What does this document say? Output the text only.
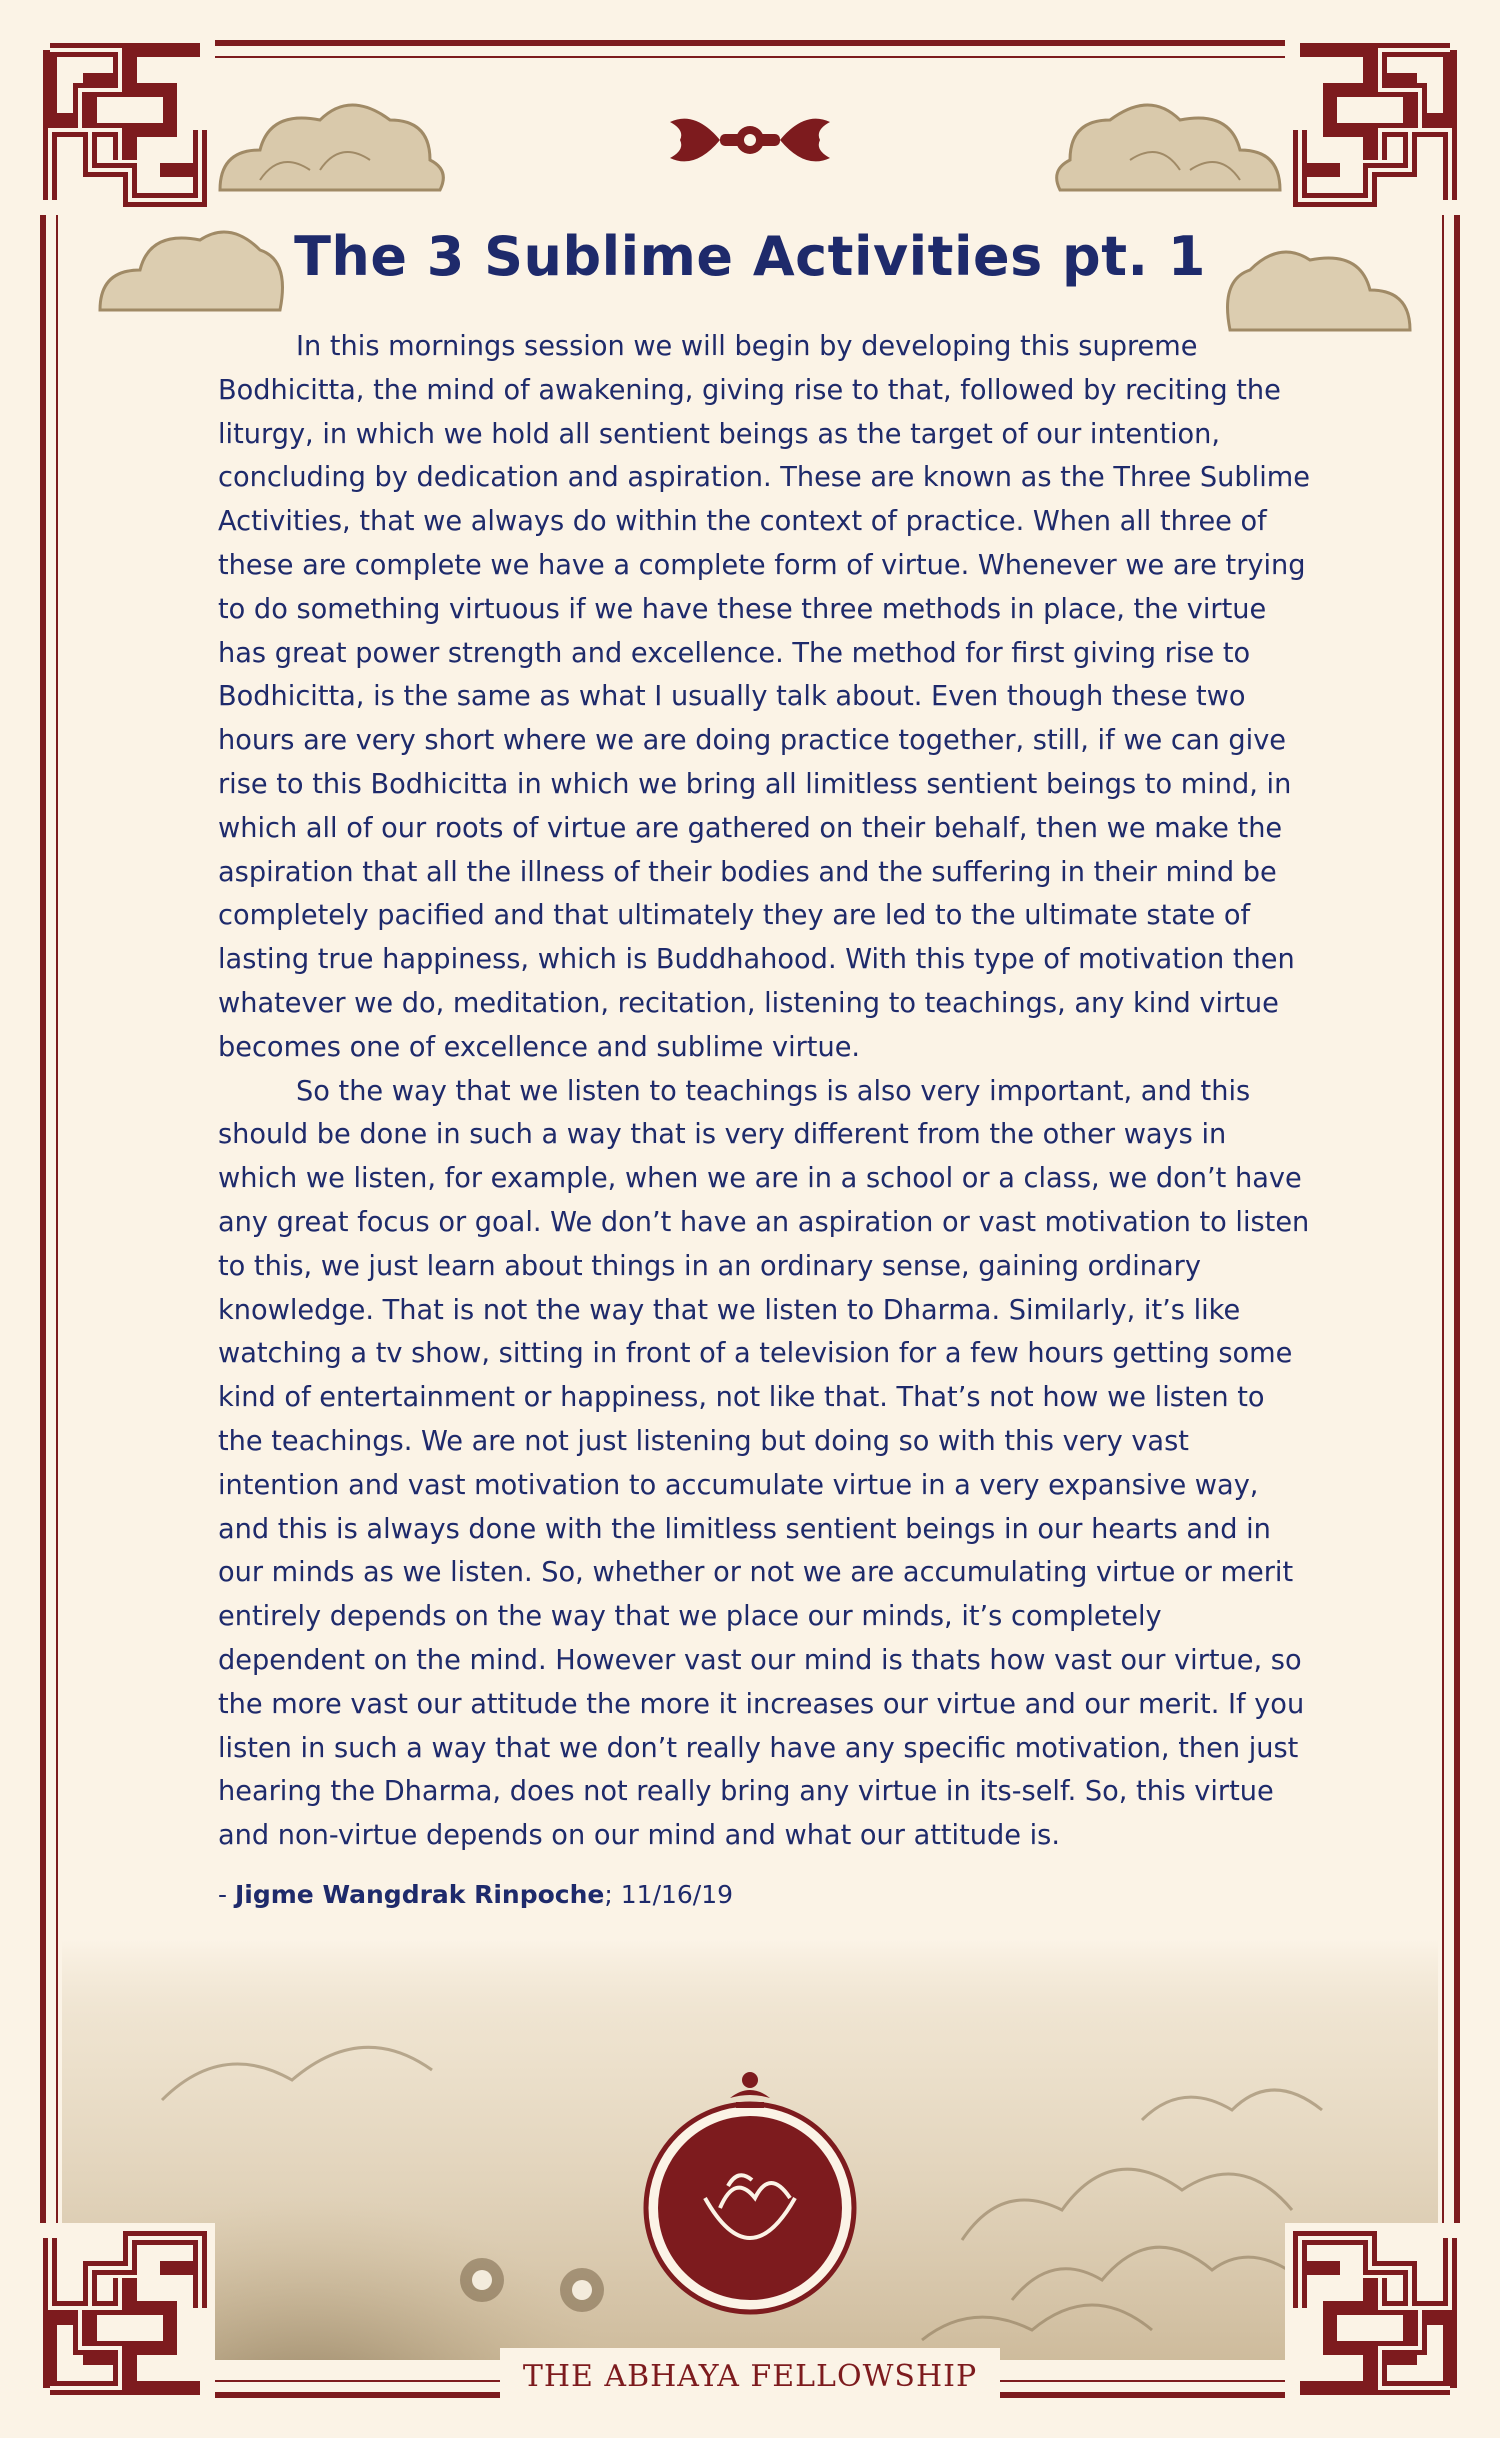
The 3 Sublime Activities pt. 1

In this mornings session we will begin by developing this supreme Bodhicitta, the mind of awakening, giving rise to that, followed by reciting the liturgy, in which we hold all sentient beings as the target of our intention, concluding by dedication and aspiration. These are known as the Three Sublime Activities, that we always do within the context of practice. When all three of these are complete we have a complete form of virtue. Whenever we are trying to do something virtuous if we have these three methods in place, the virtue has great power strength and excellence. The method for first giving rise to Bodhicitta, is the same as what I usually talk about. Even though these two hours are very short where we are doing practice together, still, if we can give rise to this Bodhicitta in which we bring all limitless sentient beings to mind, in which all of our roots of virtue are gathered on their behalf, then we make the aspiration that all the illness of their bodies and the suffering in their mind be completely pacified and that ultimately they are led to the ultimate state of lasting true happiness, which is Buddhahood. With this type of motivation then whatever we do, meditation, recitation, listening to teachings, any kind virtue becomes one of excellence and sublime virtue.

So the way that we listen to teachings is also very important, and this should be done in such a way that is very different from the other ways in which we listen, for example, when we are in a school or a class, we don’t have any great focus or goal. We don’t have an aspiration or vast motivation to listen to this, we just learn about things in an ordinary sense, gaining ordinary knowledge. That is not the way that we listen to Dharma. Similarly, it’s like watching a tv show, sitting in front of a television for a few hours getting some kind of entertainment or happiness, not like that. That’s not how we listen to the teachings. We are not just listening but doing so with this very vast intention and vast motivation to accumulate virtue in a very expansive way, and this is always done with the limitless sentient beings in our hearts and in our minds as we listen. So, whether or not we are accumulating virtue or merit entirely depends on the way that we place our minds, it’s completely dependent on the mind. However vast our mind is thats how vast our virtue, so the more vast our attitude the more it increases our virtue and our merit. If you listen in such a way that we don’t really have any specific motivation, then just hearing the Dharma, does not really bring any virtue in its-self. So, this virtue and non-virtue depends on our mind and what our attitude is.

- Jigme Wangdrak Rinpoche; 11/16/19

THE ABHAYA FELLOWSHIP
